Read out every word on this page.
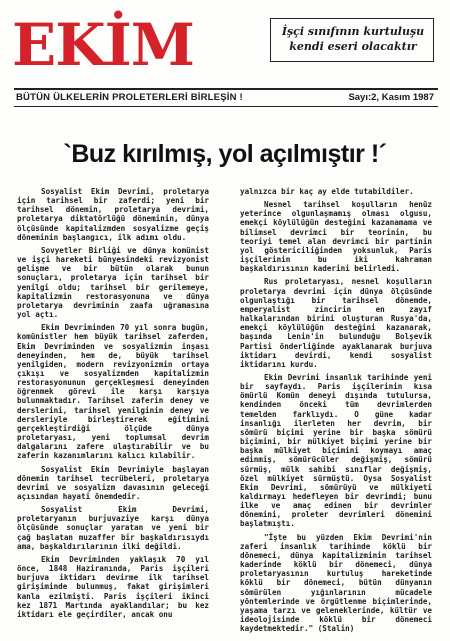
EKİM	İşçi sınıfının kurtuluşu
kendi eseri olacaktır
BÜTÜN ÜLKELERİN PROLETERLERİ BİRLEŞİN !	Sayı:2, Kasım 1987
`Buz kırılmış, yol açılmıştır !´

Sosyalist Ekim Devrimi, proletarya için tarihsel bir zaferdi; yeni bir tarihsel dönemin, proletarya devrimi, proletarya diktatörlüğü döneminin, dünya ölçüsünde kapitalizmden sosyalizme geçiş döneminin başlangıcı, ilk adımı oldu.

Sovyetler Birliği ve dünya komünist ve işçi hareketi bünyesindeki revizyonist gelişme ve bir bütün olarak bunun sonuçları, proletarya için tarihsel bir yenilgi oldu; tarihsel bir gerilemeye, kapitalizmin restorasyonuna ve dünya proletarya devriminin zaafa uğramasına yol açtı.

Ekim Devriminden 70 yıl sonra bugün, komünistler hem büyük tarihsel zaferden, Ekim Devriminden ve sosyalizmin inşası deneyinden, hem de, büyük tarihsel yenilgiden, modern revizyonizmin ortaya çıkışı ve sosyalizmden kapitalizmin restorasyonunun gerçekleşmesi deneyinden öğrenmek görevi ile karşı karşıya bulunmaktadır. Tarihsel zaferin deney ve derslerini, tarihsel yenilginin deney ve dersleriyle birleştirerek eğitimini gerçekleştirdiği ölçüde dünya proletaryası, yeni toplumsal devrim dalgalarını zafere ulaştırabilir ve bu zaferin kazanımlarını kalıcı kılabilir.

Sosyalist Ekim Devrimiyle başlayan dönemin tarihsel tecrübeleri, proletarya devrimi ve sosyalizm davasının geleceği açısından hayati önemdedir.

Sosyalist Ekim Devrimi, proletaryanın burjuvaziye karşı dünya ölçüsünde sonuçlar yaratan ve yeni bir çağ başlatan muzaffer bir başkaldırısıydı ama, başkaldırılarının ilki değildi.

Ekim Devriminden yaklaşık 70 yıl önce, 1848 Haziranında, Paris işçileri burjuva iktidarı devirme ilk tarihsel girişiminde bulunmuş, fakat girişimleri kanla ezilmişti. Paris işçileri ikinci kez 1871 Martında ayaklandılar; bu kez iktidarı ele geçirdiler, ancak onu

yalnızca bir kaç ay elde tutabildiler.

Nesnel tarihsel koşulların henüz yeterince olgunlaşmamış olması olgusu, emekçi köylülüğün desteğini kazanamama ve bilimsel devrimci bir teorinin, bu teoriyi temel alan devrimci bir partinin yol göstericiliğinden yoksunluk, Paris işçilerinin bu iki kahraman başkaldırısının kaderini belirledi.

Rus proletaryası, nesnel koşulların proletarya devrimi için dünya ölçüsünde olgunlaştığı bir tarihsel dönemde, emperyalist zincirin en zayıf halkalarından birini oluşturan Rusya'da, emekçi köylülüğün desteğini kazanarak, başında Lenin'in bulunduğu Bolşevik Partisi önderliğinde ayaklanarak burjuva iktidarı devirdi, kendi sosyalist iktidarını kurdu.

Ekim Devrimi insanlık tarihinde yeni bir sayfaydı. Paris işçilerinin kısa ömürlü Komün deneyi dışında tutulursa, kendinden önceki tüm devrimlerden temelden farklıydı. O güne kadar insanlığı ilerleten her devrim, bir sömürü biçimi yerine bir başka sömürü biçimini, bir mülkiyet biçimi yerine bir başka mülkiyet biçimini koymayı amaç edinmiş, sömürücüler değişmiş, sömürü sürmüş, mülk sahibi sınıflar değişmiş, özel mülkiyet sürmüştü. Oysa Sosyalist Ekim Devrimi, sömürüyü ve mülkiyeti kaldırmayı hedefleyen bir devrimdi; bunu ilke ve amaç edinen bir devrimler dönemini, proleter devrimleri dönemini başlatmıştı.

"İşte bu yüzden Ekim Devrimi'nin zaferi insanlık tarihinde köklü bir dönemeci, dünya kapitalizminin tarihsel kaderinde köklü bir dönemeci, dünya proletaryasının kurtuluş hareketinde köklü bir dönemeci, bütün dünyanın sömürülen yığınlarının mücadele yöntemlerinde ve örgütlenme biçimlerinde, yaşama tarzı ve geleneklerinde, kültür ve ideolojisinde köklü bir dönemeci kaydetmektedir." (Stalin)
